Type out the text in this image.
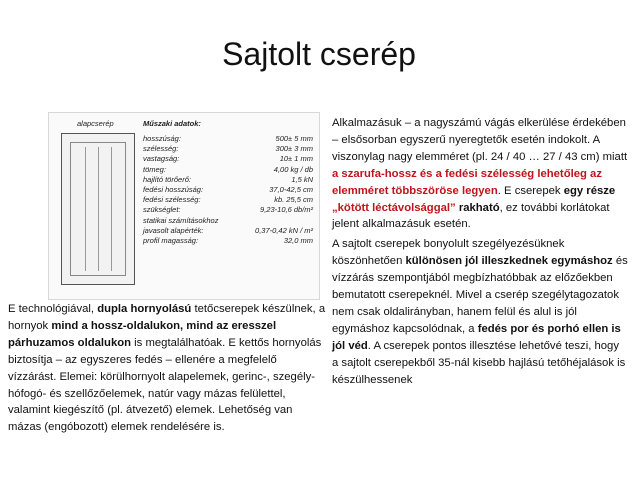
Sajtolt cserép
alapcserép	Műszaki adatok:
hosszúság:	500± 5 mm
szélesség:	300± 3 mm
vastagság:	10± 1 mm
tömeg:	4,00 kg / db
hajlító törőerő:	1,5 kN
fedési hosszúság:	37,0-42,5 cm
fedési szélesség:	kb. 25,5 cm
szükséglet:	9,23-10,6 db/m²
statikai számításokhoz
javasolt alapérték:	0,37-0,42 kN / m²
profil magasság:	32,0 mm
E technológiával, dupla hornyolású tetőcserepek készülnek, a hornyok mind a hossz-oldalukon, mind az eresszel párhuzamos oldalukon is megtalálhatóak. E kettős hornyolás biztosítja – az egyszeres fedés – ellenére a megfelelő vízzárást. Elemei: körülhornyolt alapelemek, gerinc-, szegély-hófogó- és szellőzőelemek, natúr vagy mázas felülettel, valamint kiegészítő (pl. átvezető) elemek. Lehetőség van mázas (engóbozott) elemek rendelésére is.

Alkalmazásuk – a nagyszámú vágás elkerülése érdekében – elsősorban egyszerű nyeregtetők esetén indokolt. A viszonylag nagy elemméret (pl. 24 / 40 … 27 / 43 cm) miatt a szarufa-hossz és a fedési szélesség lehetőleg az elemméret többszöröse legyen. E cserepek egy része „kötött léctávolsággal” rakható, ez további korlátokat jelent alkalmazásuk esetén.

A sajtolt cserepek bonyolult szegélyezésüknek köszönhetően különösen jól illeszkednek egymáshoz és vízzárás szempontjából megbízhatóbbak az előzőekben bemutatott cserepeknél. Mivel a cserép szegélytagozatok nem csak oldalirányban, hanem felül és alul is jól egymáshoz kapcsolódnak, a fedés por és porhó ellen is jól véd. A cserepek pontos illesztése lehetővé teszi, hogy a sajtolt cserepekből 35-nál kisebb hajlású tetőhéjalások is készülhessenek
